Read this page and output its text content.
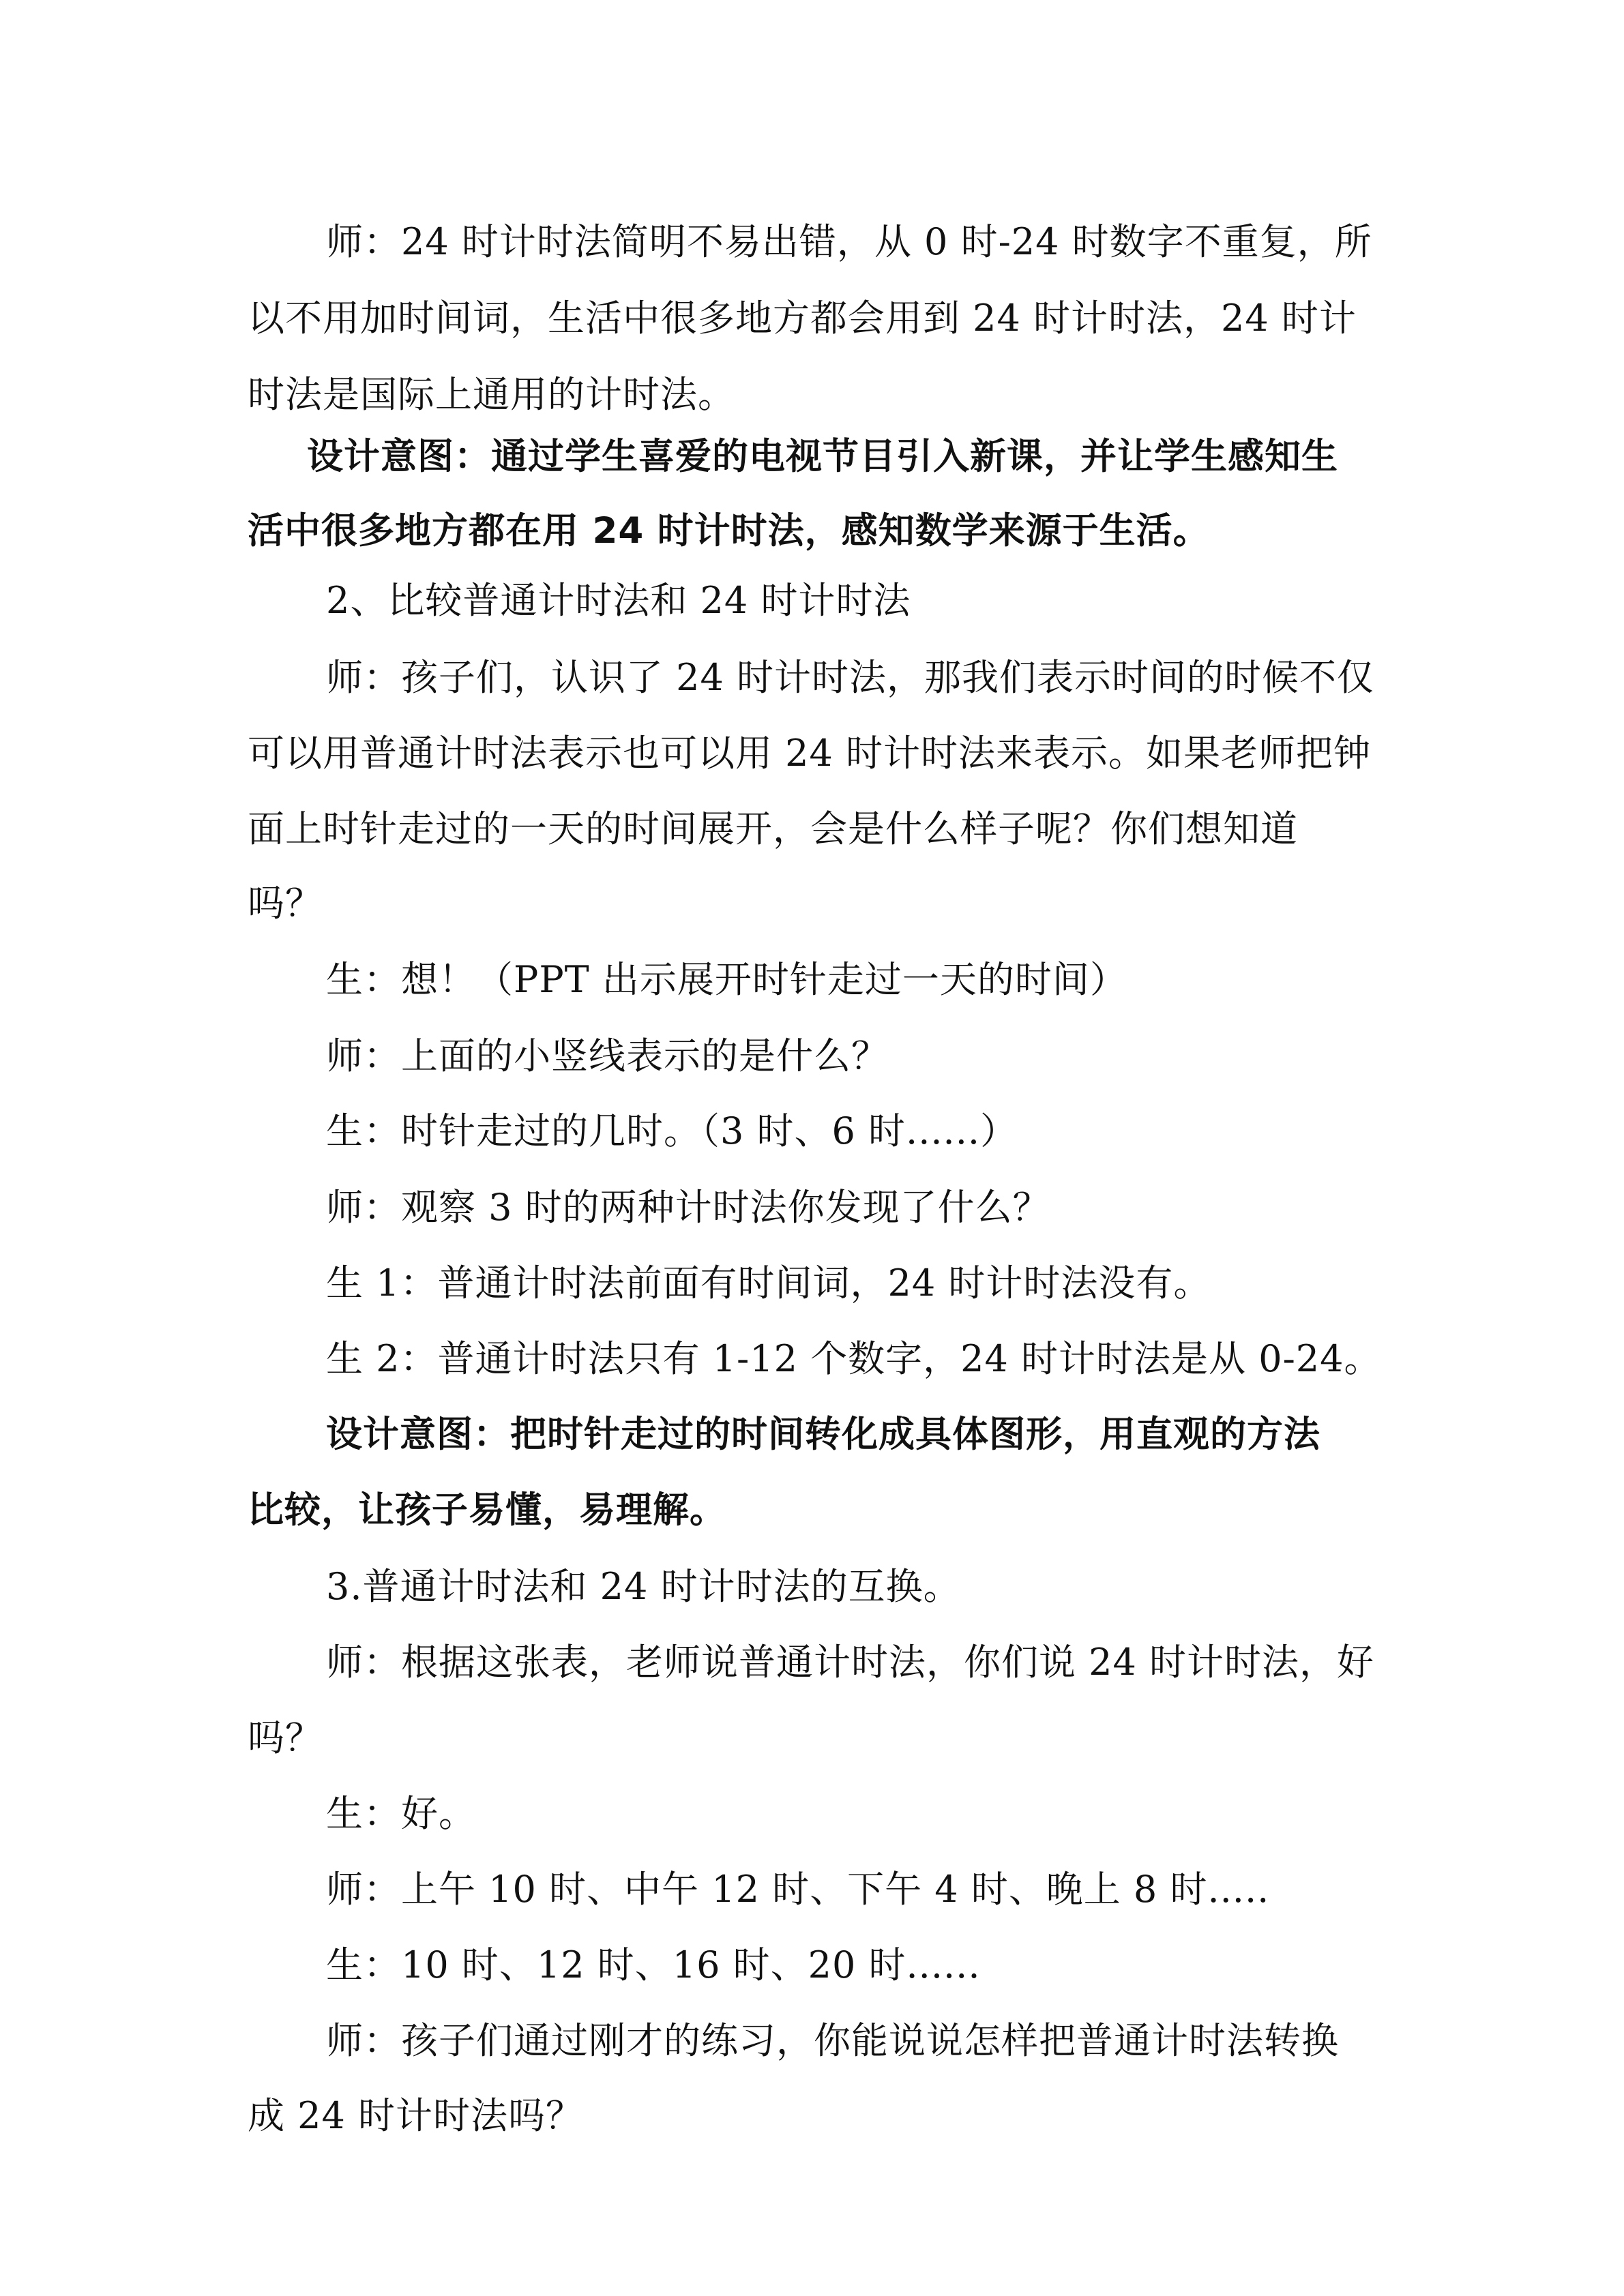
师：24 时计时法简明不易出错，从 0 时-24 时数字不重复，所
以不用加时间词，生活中很多地方都会用到 24 时计时法，24 时计
时法是国际上通用的计时法。
设计意图：通过学生喜爱的电视节目引入新课，并让学生感知生
活中很多地方都在用 24 时计时法，感知数学来源于生活。
2、比较普通计时法和 24 时计时法
师：孩子们，认识了 24 时计时法，那我们表示时间的时候不仅
可以用普通计时法表示也可以用 24 时计时法来表示。如果老师把钟
面上时针走过的一天的时间展开，会是什么样子呢？你们想知道
吗？
生：想！（PPT 出示展开时针走过一天的时间）
师：上面的小竖线表示的是什么？
生：时针走过的几时。（3 时、6 时......）
师：观察 3 时的两种计时法你发现了什么？
生 1：普通计时法前面有时间词，24 时计时法没有。
生 2：普通计时法只有 1-12 个数字，24 时计时法是从 0-24。
设计意图：把时针走过的时间转化成具体图形，用直观的方法
比较，让孩子易懂，易理解。
3.普通计时法和 24 时计时法的互换。
师：根据这张表，老师说普通计时法，你们说 24 时计时法，好
吗？
生：好。
师：上午 10 时、中午 12 时、下午 4 时、晚上 8 时.....
生：10 时、12 时、16 时、20 时......
师：孩子们通过刚才的练习，你能说说怎样把普通计时法转换
成 24 时计时法吗？
